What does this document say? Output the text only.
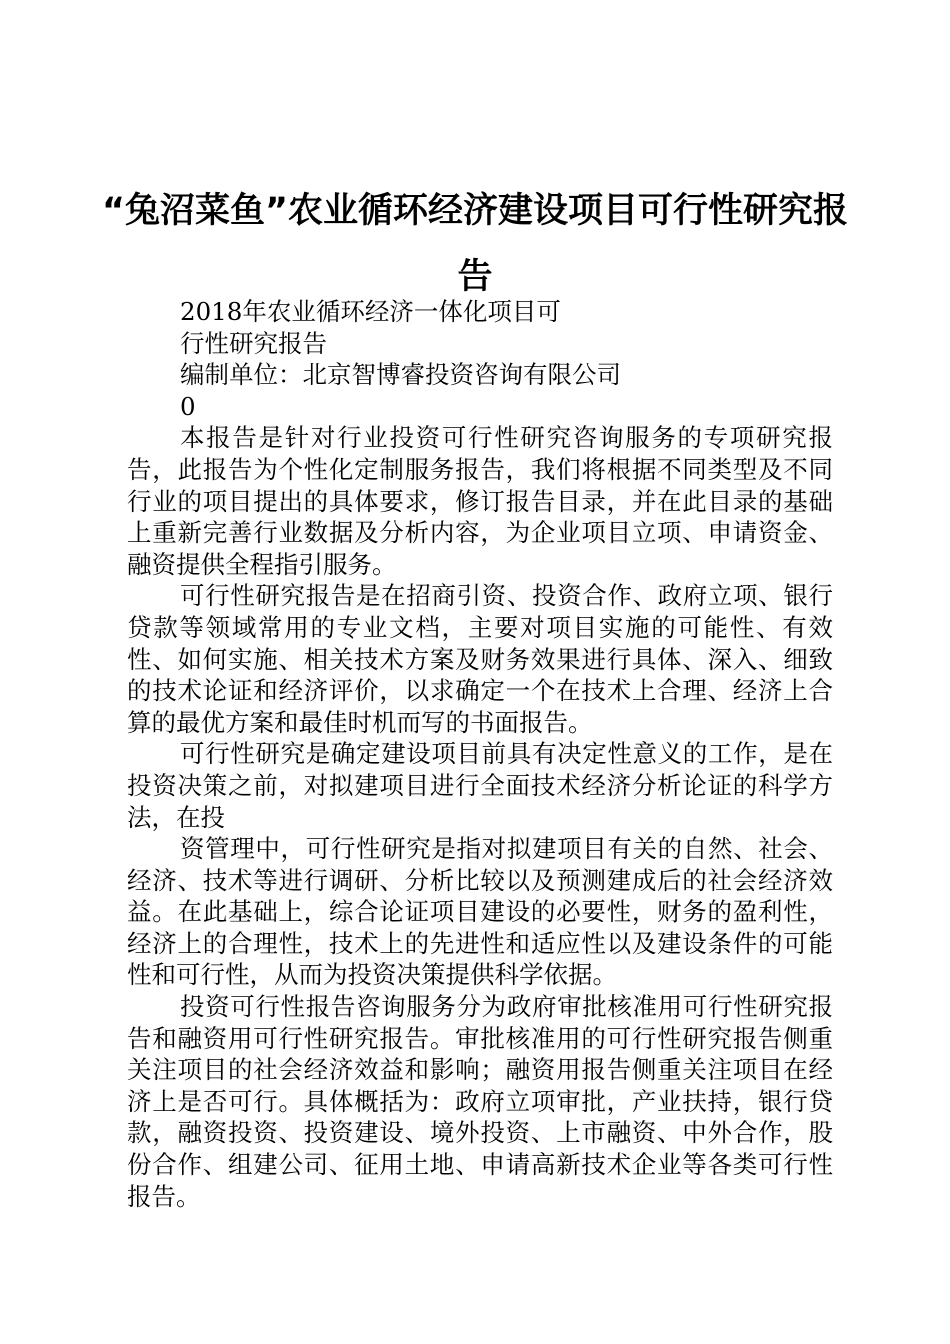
“兔沼菜鱼”农业循环经济建设项目可行性研究报告

2018年农业循环经济一体化项目可

行性研究报告

编制单位：北京智博睿投资咨询有限公司

0

本报告是针对行业投资可行性研究咨询服务的专项研究报告，此报告为个性化定制服务报告，我们将根据不同类型及不同行业的项目提出的具体要求，修订报告目录，并在此目录的基础上重新完善行业数据及分析内容，为企业项目立项、申请资金、融资提供全程指引服务。

可行性研究报告是在招商引资、投资合作、政府立项、银行贷款等领域常用的专业文档，主要对项目实施的可能性、有效性、如何实施、相关技术方案及财务效果进行具体、深入、细致的技术论证和经济评价，以求确定一个在技术上合理、经济上合算的最优方案和最佳时机而写的书面报告。

可行性研究是确定建设项目前具有决定性意义的工作，是在投资决策之前，对拟建项目进行全面技术经济分析论证的科学方法，在投

资管理中，可行性研究是指对拟建项目有关的自然、社会、经济、技术等进行调研、分析比较以及预测建成后的社会经济效益。在此基础上，综合论证项目建设的必要性，财务的盈利性，经济上的合理性，技术上的先进性和适应性以及建设条件的可能性和可行性，从而为投资决策提供科学依据。

投资可行性报告咨询服务分为政府审批核准用可行性研究报告和融资用可行性研究报告。审批核准用的可行性研究报告侧重关注项目的社会经济效益和影响；融资用报告侧重关注项目在经济上是否可行。具体概括为：政府立项审批，产业扶持，银行贷款，融资投资、投资建设、境外投资、上市融资、中外合作，股份合作、组建公司、征用土地、申请高新技术企业等各类可行性报告。
